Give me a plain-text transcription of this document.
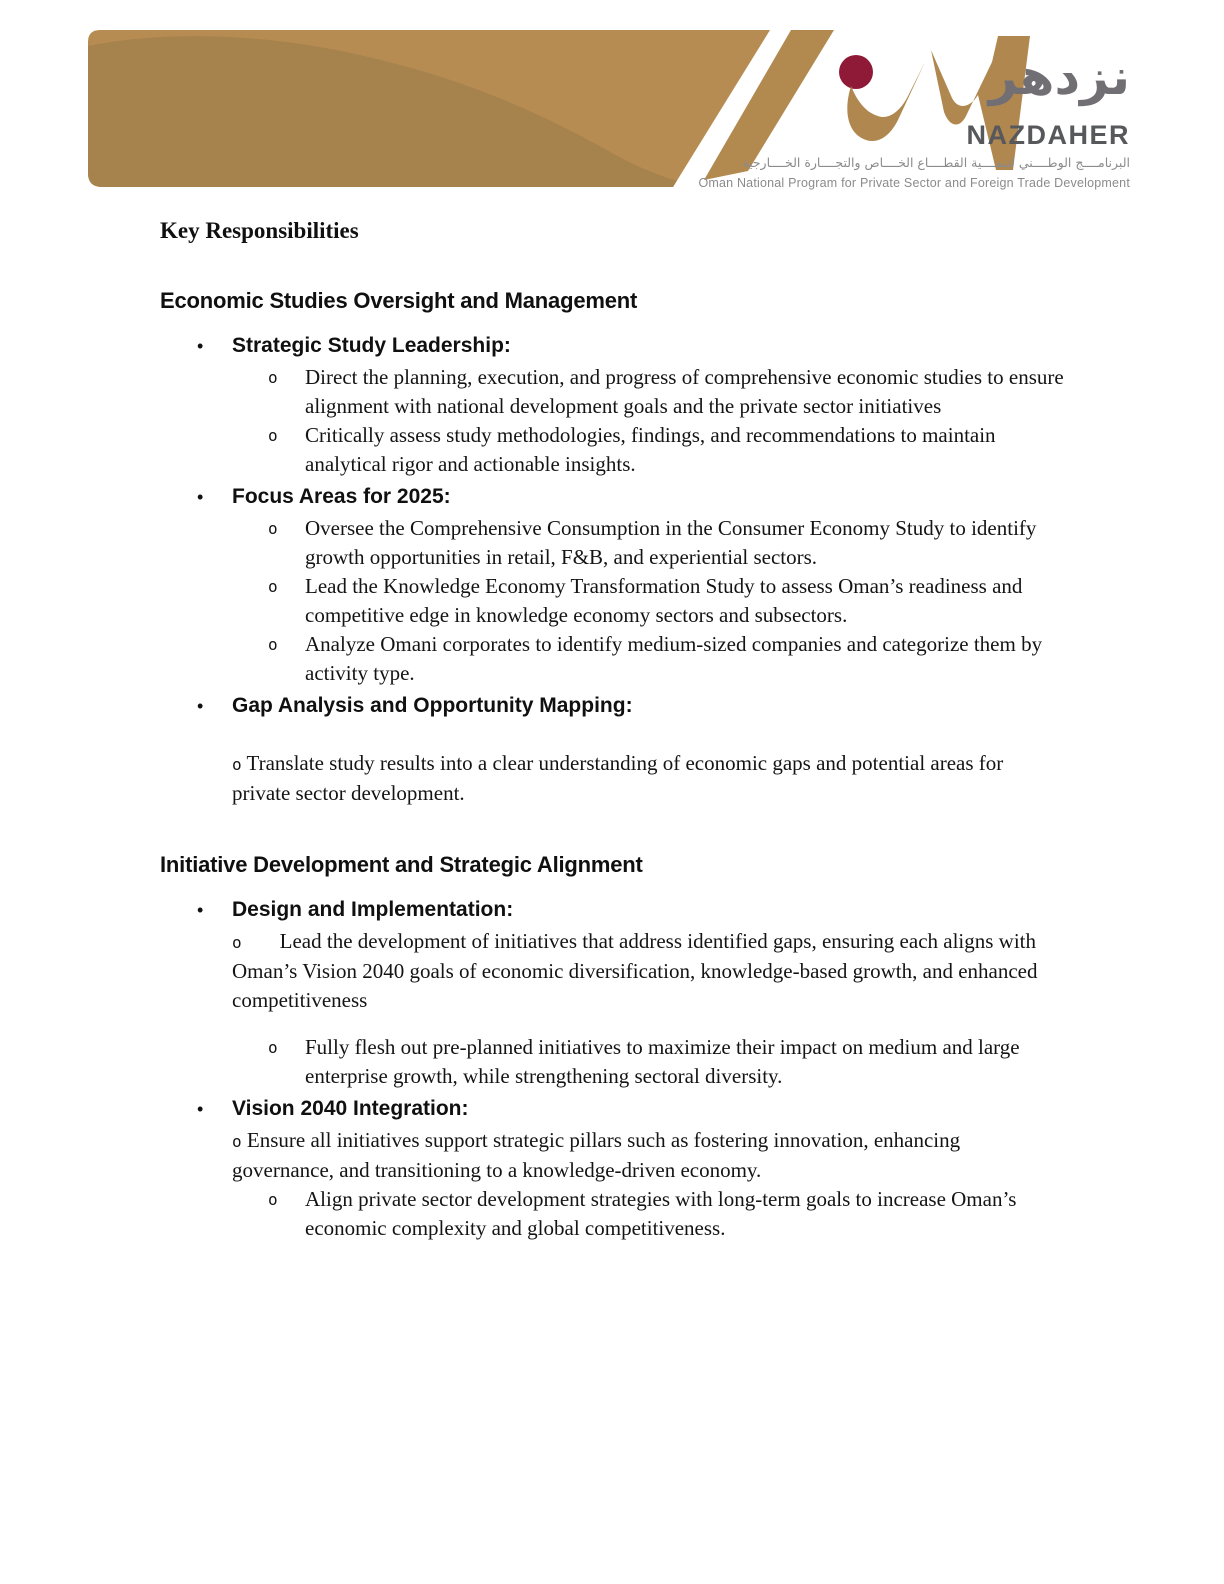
نزدهر
NAZDAHER
البرنامــــج الوطــــني لتنمــــية القطــــاع الخــــاص والتجــــارة الخــــارجية
Oman National Program for Private Sector and Foreign Trade Development
Key Responsibilities
Economic Studies Oversight and Management
•	Strategic Study Leadership:
o	Direct the planning, execution, and progress of comprehensive economic studies to ensure alignment with national development goals and the private sector initiatives
o	Critically assess study methodologies, findings, and recommendations to maintain analytical rigor and actionable insights.
•	Focus Areas for 2025:
o	Oversee the Comprehensive Consumption in the Consumer Economy Study to identify growth opportunities in retail, F&B, and experiential sectors.
o	Lead the Knowledge Economy Transformation Study to assess Oman’s readiness and competitive edge in knowledge economy sectors and subsectors.
o	Analyze Omani corporates to identify medium-sized companies and categorize them by activity type.
•	Gap Analysis and Opportunity Mapping:

o Translate study results into a clear understanding of economic gaps and potential areas for private sector development.

Initiative Development and Strategic Alignment
•	Design and Implementation:

o Lead the development of initiatives that address identified gaps, ensuring each aligns with Oman’s Vision 2040 goals of economic diversification, knowledge-based growth, and enhanced competitiveness

o	Fully flesh out pre-planned initiatives to maximize their impact on medium and large enterprise growth, while strengthening sectoral diversity.
•	Vision 2040 Integration:

o Ensure all initiatives support strategic pillars such as fostering innovation, enhancing governance, and transitioning to a knowledge-driven economy.

o	Align private sector development strategies with long-term goals to increase Oman’s economic complexity and global competitiveness.
